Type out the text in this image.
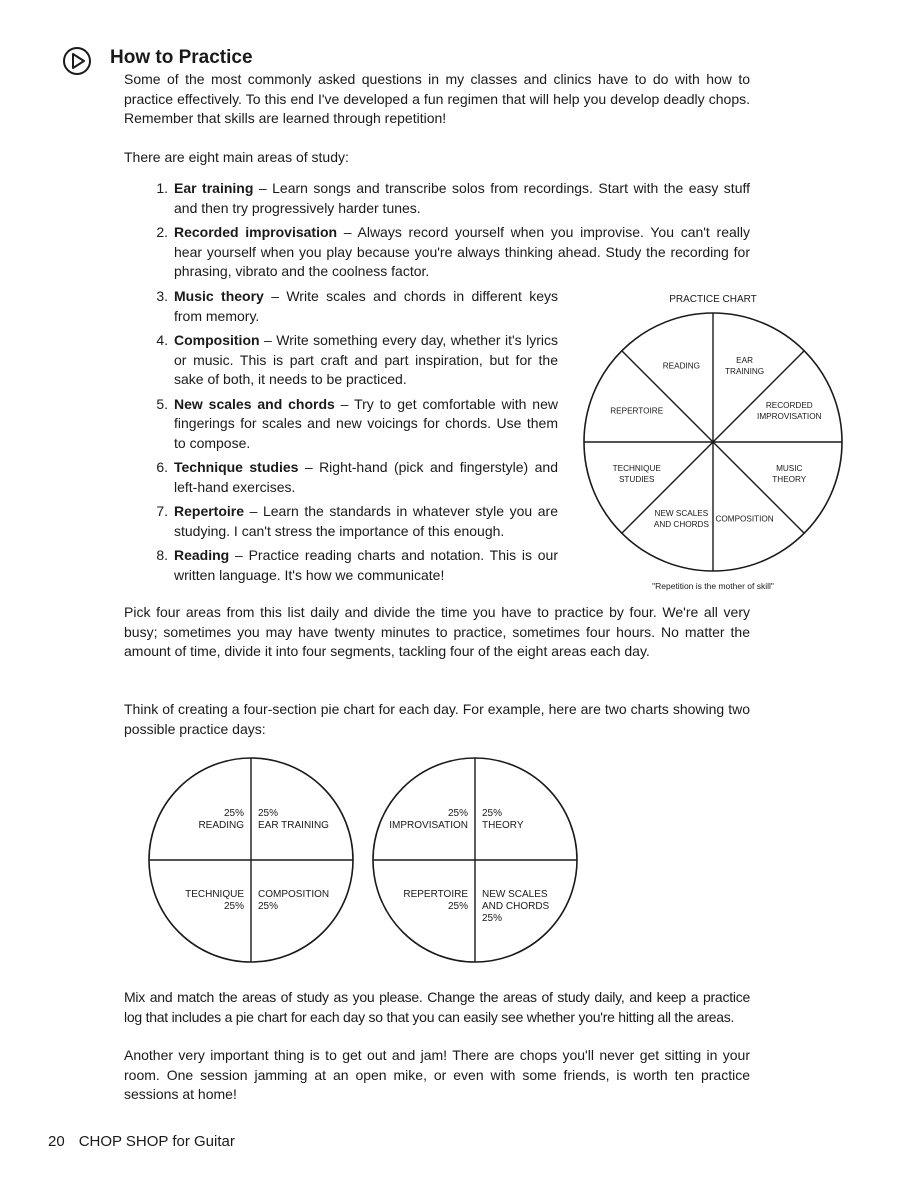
How to Practice

Some of the most commonly asked questions in my classes and clinics have to do with how to practice effectively. To this end I've developed a fun regimen that will help you develop deadly chops. Remember that skills are learned through repetition!

There are eight main areas of study:

1. Ear training – Learn songs and transcribe solos from recordings. Start with the easy stuff and then try progressively harder tunes.
2. Recorded improvisation – Always record yourself when you improvise. You can't really hear yourself when you play because you're always thinking ahead. Study the recording for phrasing, vibrato and the coolness factor.
3. Music theory – Write scales and chords in different keys from memory.
4. Composition – Write something every day, whether it's lyrics or music. This is part craft and part inspiration, but for the sake of both, it needs to be practiced.
5. New scales and chords – Try to get comfortable with new fingerings for scales and new voicings for chords. Use them to compose.
6. Technique studies – Right-hand (pick and fingerstyle) and left-hand exercises.
7. Repertoire – Learn the standards in whatever style you are studying. I can't stress the importance of this enough.
8. Reading – Practice reading charts and notation. This is our written language. It's how we communicate!
PRACTICE CHART
EAR
TRAINING
RECORDED
IMPROVISATION
MUSIC
THEORY
COMPOSITION
NEW SCALES
AND CHORDS
TECHNIQUE
STUDIES
REPERTOIRE
READING
"Repetition is the mother of skill"

Pick four areas from this list daily and divide the time you have to practice by four. We're all very busy; sometimes you may have twenty minutes to practice, sometimes four hours. No matter the amount of time, divide it into four segments, tackling four of the eight areas each day.

Think of creating a four-section pie chart for each day. For example, here are two charts showing two possible practice days:

25%
EAR TRAINING
COMPOSITION
25%
TECHNIQUE
25%
25%
READING
25%
THEORY
NEW SCALES
AND CHORDS
25%
REPERTOIRE
25%
25%
IMPROVISATION

Mix and match the areas of study as you please. Change the areas of study daily, and keep a practice log that includes a pie chart for each day so that you can easily see whether you're hitting all the areas.

Another very important thing is to get out and jam! There are chops you'll never get sitting in your room. One session jamming at an open mike, or even with some friends, is worth ten practice sessions at home!

20 CHOP SHOP for Guitar
